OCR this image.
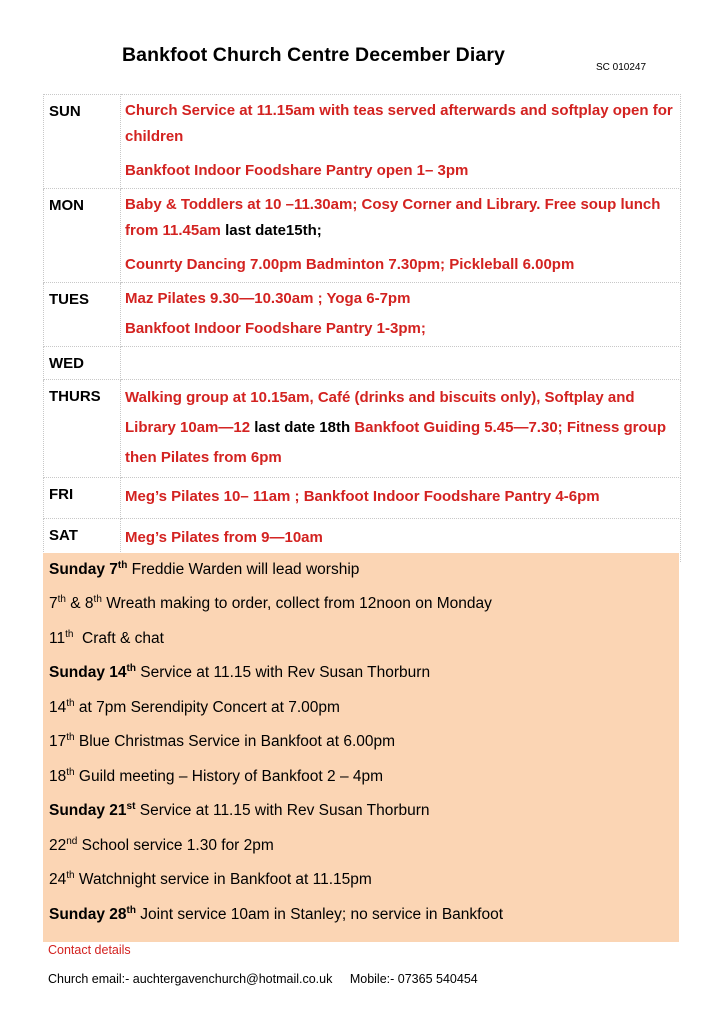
Bankfoot Church Centre December Diary
SC 010247
SUN	Church Service at 11.15am with teas served afterwards and softplay open for children

Bankfoot Indoor Foodshare Pantry open 1– 3pm

MON	Baby & Toddlers at 10 –11.30am; Cosy Corner and Library. Free soup lunch from 11.45am last date15th;

Counrty Dancing 7.00pm Badminton 7.30pm; Pickleball 6.00pm

TUES	Maz Pilates 9.30—10.30am ; Yoga 6-7pm

Bankfoot Indoor Foodshare Pantry 1-3pm;

WED	
THURS	Walking group at 10.15am, Café (drinks and biscuits only), Softplay and Library 10am—12 last date 18th Bankfoot Guiding 5.45—7.30; Fitness group then Pilates from 6pm

FRI	Meg’s Pilates 10– 11am ; Bankfoot Indoor Foodshare Pantry 4-6pm

SAT	Meg’s Pilates from 9—10am

Sunday 7th Freddie Warden will lead worship
7th & 8th Wreath making to order, collect from 12noon on Monday
11th  Craft & chat
Sunday 14th Service at 11.15 with Rev Susan Thorburn
14th at 7pm Serendipity Concert at 7.00pm
17th Blue Christmas Service in Bankfoot at 6.00pm
18th Guild meeting – History of Bankfoot 2 – 4pm
Sunday 21st Service at 11.15 with Rev Susan Thorburn
22nd School service 1.30 for 2pm
24th Watchnight service in Bankfoot at 11.15pm
Sunday 28th Joint service 10am in Stanley; no service in Bankfoot
Contact details
Church email:- auchtergavenchurch@hotmail.co.uk Mobile:- 07365 540454
